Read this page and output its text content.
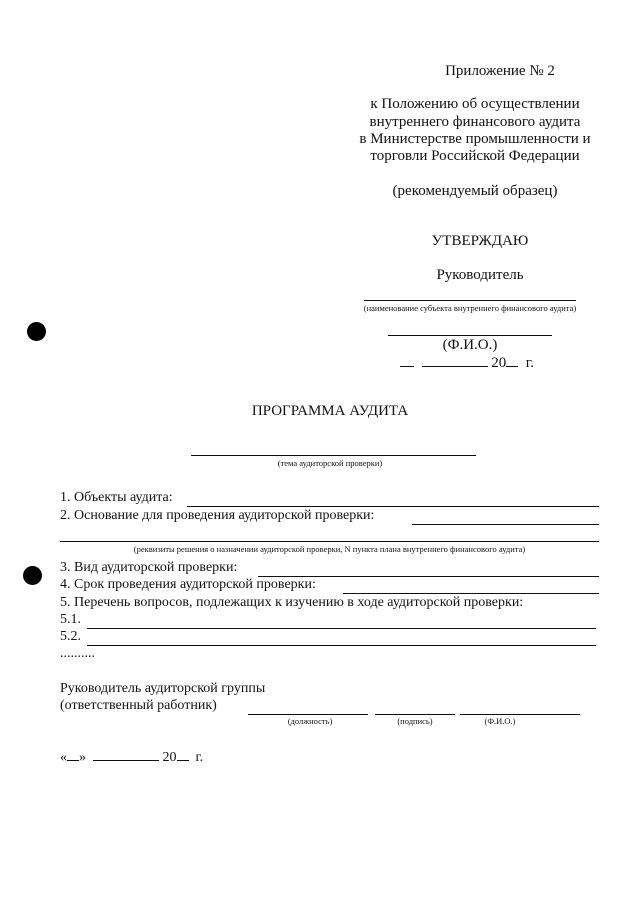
Приложение № 2
к Положению об осуществлении
внутреннего финансового аудита
в Министерстве промышленности и
торговли Российской Федерации
(рекомендуемый образец)
УТВЕРЖДАЮ
Руководитель
(наименование субъекта внутреннего финансового аудита)
(Ф.И.О.)
20 г.
ПРОГРАММА АУДИТА
(тема аудиторской проверки)
1. Объекты аудита:
2. Основание для проведения аудиторской проверки:
(реквизиты решения о назначении аудиторской проверки, N пункта плана внутреннего финансового аудита)
3. Вид аудиторской проверки:
4. Срок проведения аудиторской проверки:
5. Перечень вопросов, подлежащих к изучению в ходе аудиторской проверки:
5.1.
5.2.
..........
Руководитель аудиторской группы
(ответственный работник)
(должность)	(подпись)	(Ф.И.О.)
« »	20 г.
